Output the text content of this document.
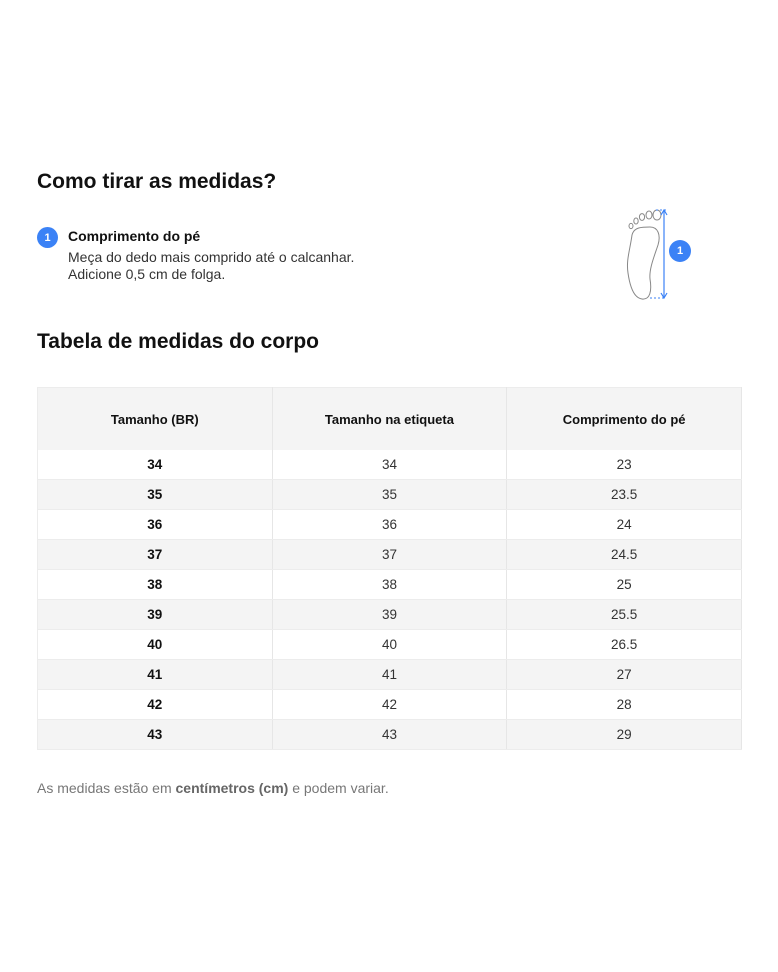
Como tirar as medidas?
1	Comprimento do pé
Meça do dedo mais comprido até o calcanhar. Adicione 0,5 cm de folga.
1
Tabela de medidas do corpo
Tamanho (BR)	Tamanho na etiqueta	Comprimento do pé
34	34	23
35	35	23.5
36	36	24
37	37	24.5
38	38	25
39	39	25.5
40	40	26.5
41	41	27
42	42	28
43	43	29
As medidas estão em centímetros (cm) e podem variar.
